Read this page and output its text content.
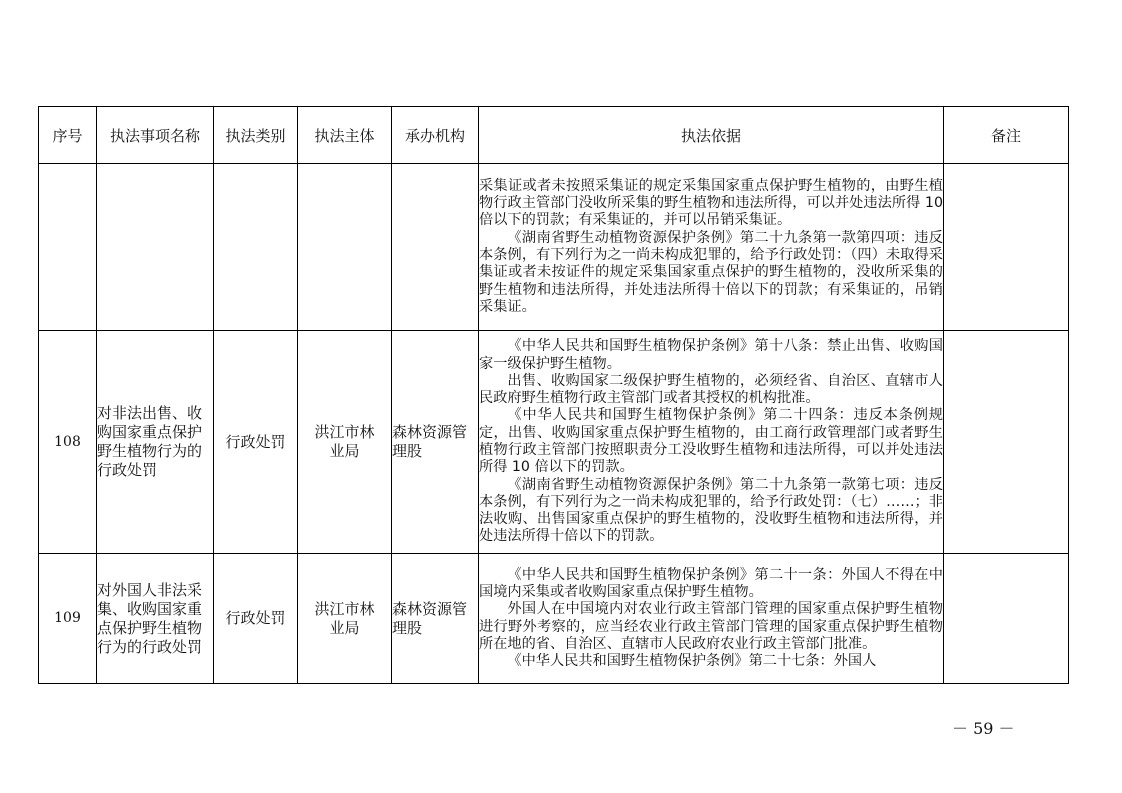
序号	执法事项名称	执法类别	执法主体	承办机构	执法依据	备注

					采集证或者未按照采集证的规定采集国家重点保护野生植物的，由野生植物行政主管部门没收所采集的野生植物和违法所得，可以并处违法所得 10 倍以下的罚款；有采集证的，并可以吊销采集证。

《湖南省野生动植物资源保护条例》第二十九条第一款第四项：违反本条例，有下列行为之一尚未构成犯罪的，给予行政处罚：（四）未取得采集证或者未按证件的规定采集国家重点保护的野生植物的，没收所采集的野生植物和违法所得，并处违法所得十倍以下的罚款；有采集证的，吊销采集证。	

108	对非法出售、收购国家重点保护野生植物行为的行政处罚	行政处罚	洪江市林业局	森林资源管理股	《中华人民共和国野生植物保护条例》第十八条：禁止出售、收购国家一级保护野生植物。

出售、收购国家二级保护野生植物的，必须经省、自治区、直辖市人民政府野生植物行政主管部门或者其授权的机构批准。

《中华人民共和国野生植物保护条例》第二十四条：违反本条例规定，出售、收购国家重点保护野生植物的，由工商行政管理部门或者野生植物行政主管部门按照职责分工没收野生植物和违法所得，可以并处违法所得 10 倍以下的罚款。

《湖南省野生动植物资源保护条例》第二十九条第一款第七项：违反本条例，有下列行为之一尚未构成犯罪的，给予行政处罚：（七）……；非法收购、出售国家重点保护的野生植物的，没收野生植物和违法所得，并处违法所得十倍以下的罚款。	

109	对外国人非法采集、收购国家重点保护野生植物行为的行政处罚	行政处罚	洪江市林业局	森林资源管理股	《中华人民共和国野生植物保护条例》第二十一条：外国人不得在中国境内采集或者收购国家重点保护野生植物。

外国人在中国境内对农业行政主管部门管理的国家重点保护野生植物进行野外考察的，应当经农业行政主管部门管理的国家重点保护野生植物所在地的省、自治区、直辖市人民政府农业行政主管部门批准。

《中华人民共和国野生植物保护条例》第二十七条：外国人	

－ 59 －
